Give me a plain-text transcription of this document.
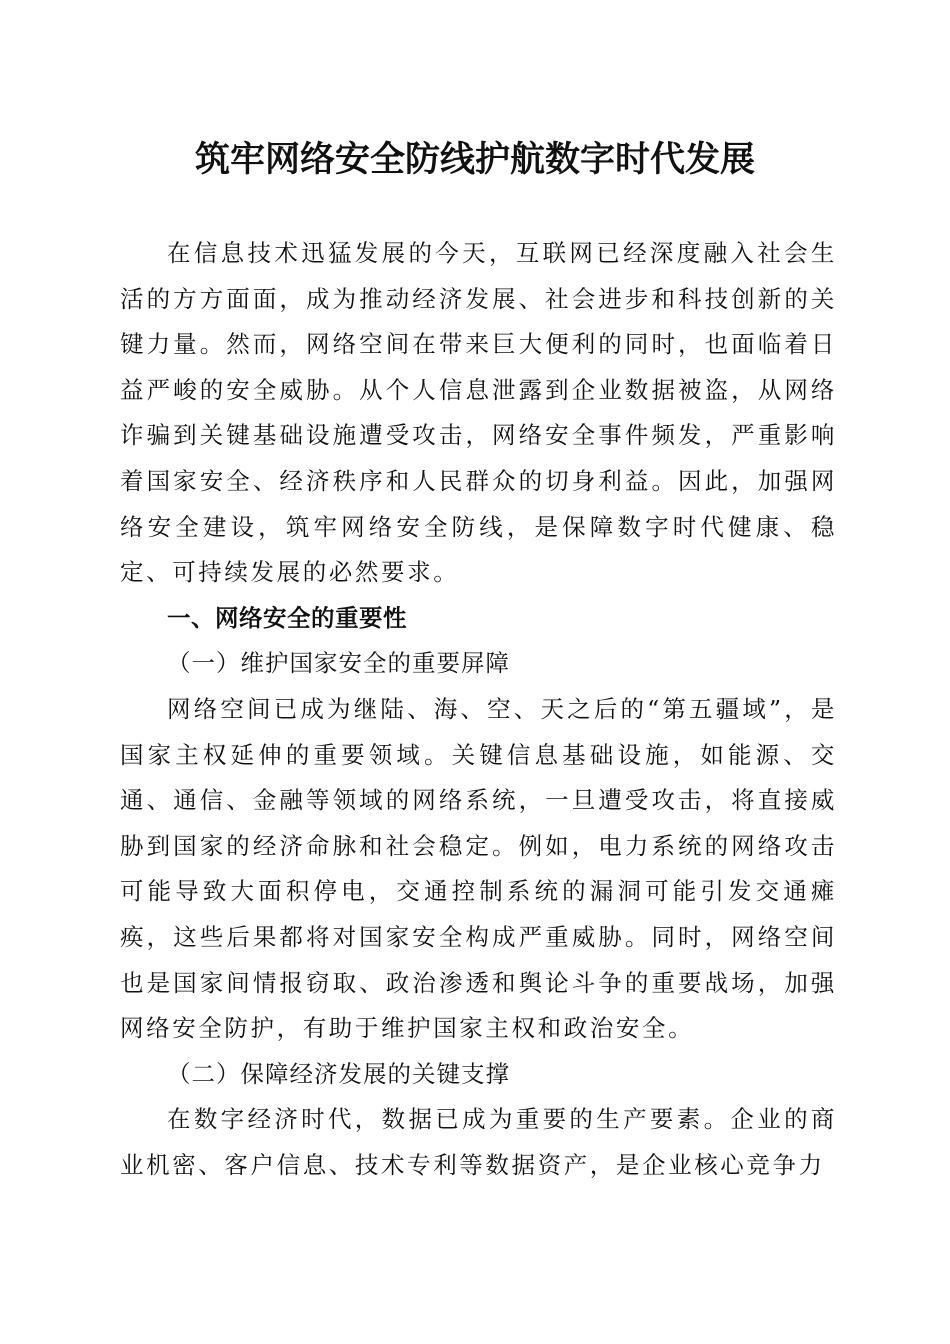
筑牢网络安全防线护航数字时代发展

在信息技术迅猛发展的今天，互联网已经深度融入社会生活的方方面面，成为推动经济发展、社会进步和科技创新的关键力量。然而，网络空间在带来巨大便利的同时，也面临着日益严峻的安全威胁。从个人信息泄露到企业数据被盗，从网络诈骗到关键基础设施遭受攻击，网络安全事件频发，严重影响着国家安全、经济秩序和人民群众的切身利益。因此，加强网络安全建设，筑牢网络安全防线，是保障数字时代健康、稳定、可持续发展的必然要求。

一、网络安全的重要性

（一）维护国家安全的重要屏障

网络空间已成为继陆、海、空、天之后的“第五疆域”，是国家主权延伸的重要领域。关键信息基础设施，如能源、交通、通信、金融等领域的网络系统，一旦遭受攻击，将直接威胁到国家的经济命脉和社会稳定。例如，电力系统的网络攻击可能导致大面积停电，交通控制系统的漏洞可能引发交通瘫痪，这些后果都将对国家安全构成严重威胁。同时，网络空间也是国家间情报窃取、政治渗透和舆论斗争的重要战场，加强网络安全防护，有助于维护国家主权和政治安全。

（二）保障经济发展的关键支撑

在数字经济时代，数据已成为重要的生产要素。企业的商业机密、客户信息、技术专利等数据资产，是企业核心竞争力
